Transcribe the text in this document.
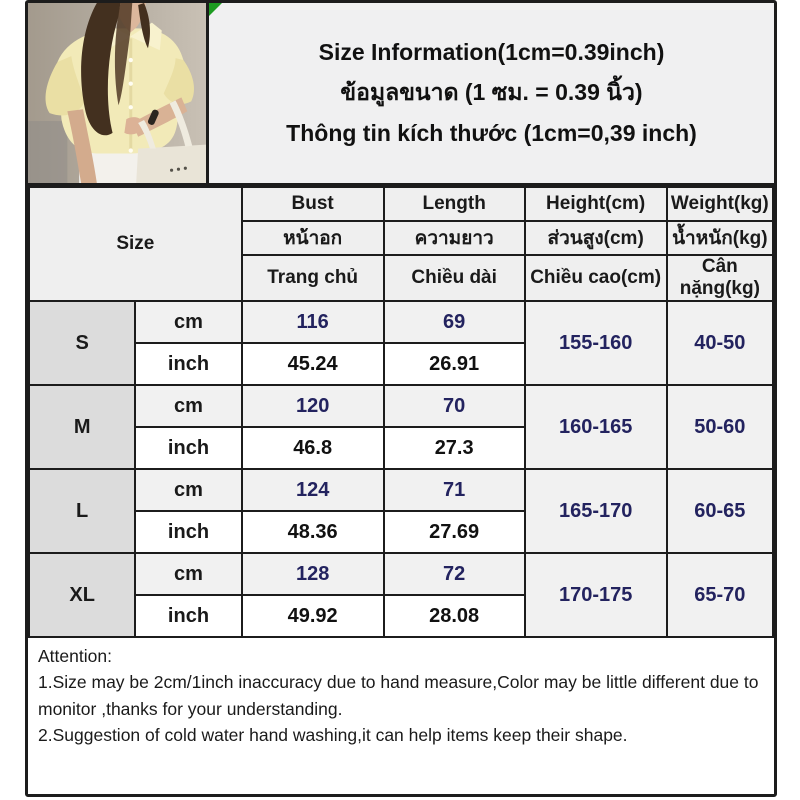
Size Information(1cm=0.39inch)
ข้อมูลขนาด (1 ซม. = 0.39 นิ้ว)
Thông tin kích thước (1cm=0,39 inch)
Size		Bust	Length	Height(cm)	Weight(kg)
		หน้าอก	ความยาว	ส่วนสูง(cm)	น้ำหนัก(kg)
		Trang chủ	Chiều dài	Chiều cao(cm)	Cân nặng(kg)
S	cm	116	69	155-160	40-50
	inch	45.24	26.91		
M	cm	120	70	160-165	50-60
	inch	46.8	27.3		
L	cm	124	71	165-170	60-65
	inch	48.36	27.69		
XL	cm	128	72	170-175	65-70
	inch	49.92	28.08		

Attention:

1.Size may be 2cm/1inch inaccuracy due to hand measure,Color may be little different due to monitor ,thanks for your understanding.

2.Suggestion of cold water hand washing,it can help items keep their shape.
